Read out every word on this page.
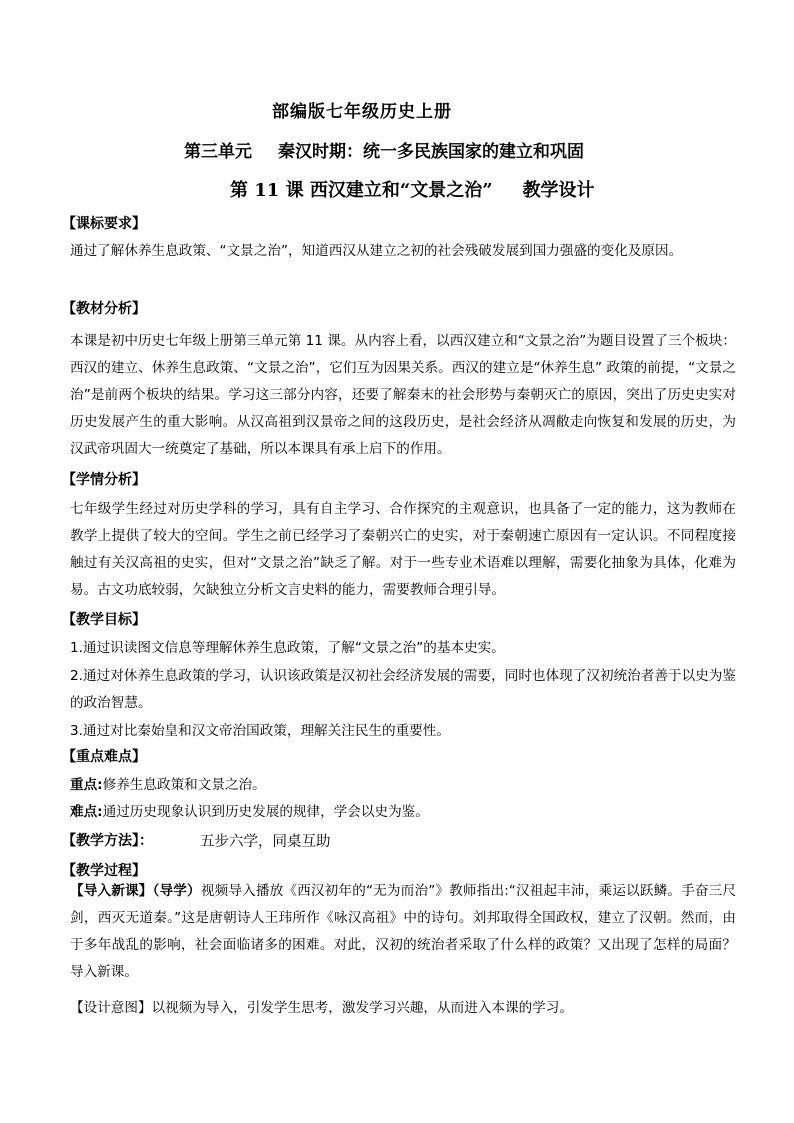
部编版七年级历史上册
第三单元 秦汉时期：统一多民族国家的建立和巩固
第 11 课 西汉建立和“文景之治” 教学设计
【课标要求】
通过了解休养生息政策、“文景之治”，知道西汉从建立之初的社会残破发展到国力强盛的变化及原因。
【教材分析】
本课是初中历史七年级上册第三单元第 11 课。从内容上看，以西汉建立和“文景之治”为题目设置了三个板块：西汉的建立、休养生息政策、“文景之治”，它们互为因果关系。西汉的建立是“休养生息” 政策的前提，“文景之治”是前两个板块的结果。学习这三部分内容，还要了解秦末的社会形势与秦朝灭亡的原因，突出了历史史实对历史发展产生的重大影响。从汉高祖到汉景帝之间的这段历史，是社会经济从凋敝走向恢复和发展的历史，为汉武帝巩固大一统奠定了基础，所以本课具有承上启下的作用。
【学情分析】
七年级学生经过对历史学科的学习，具有自主学习、合作探究的主观意识，也具备了一定的能力，这为教师在教学上提供了较大的空间。学生之前已经学习了秦朝兴亡的史实，对于秦朝速亡原因有一定认识。不同程度接触过有关汉高祖的史实，但对“文景之治”缺乏了解。对于一些专业术语难以理解，需要化抽象为具体，化难为易。古文功底较弱，欠缺独立分析文言史料的能力，需要教师合理引导。
【教学目标】
1.通过识读图文信息等理解休养生息政策，了解“文景之治”的基本史实。
2.通过对休养生息政策的学习，认识该政策是汉初社会经济发展的需要，同时也体现了汉初统治者善于以史为鉴的政治智慧。
3.通过对比秦始皇和汉文帝治国政策，理解关注民生的重要性。
【重点难点】
重点:修养生息政策和文景之治。
难点:通过历史现象认识到历史发展的规律，学会以史为鉴。
【教学方法】：	五步六学，同桌互助
【教学过程】
【导入新课】（导学）视频导入播放《西汉初年的“无为而治”》教师指出:“汉祖起丰沛，乘运以跃鳞。手奋三尺剑，西灭无道秦。”这是唐朝诗人王玮所作《咏汉高祖》中的诗句。刘邦取得全国政权，建立了汉朝。然而，由于多年战乱的影响，社会面临诸多的困难。对此，汉初的统治者采取了什么样的政策？又出现了怎样的局面？导入新课。
【设计意图】以视频为导入，引发学生思考，激发学习兴趣，从而进入本课的学习。
